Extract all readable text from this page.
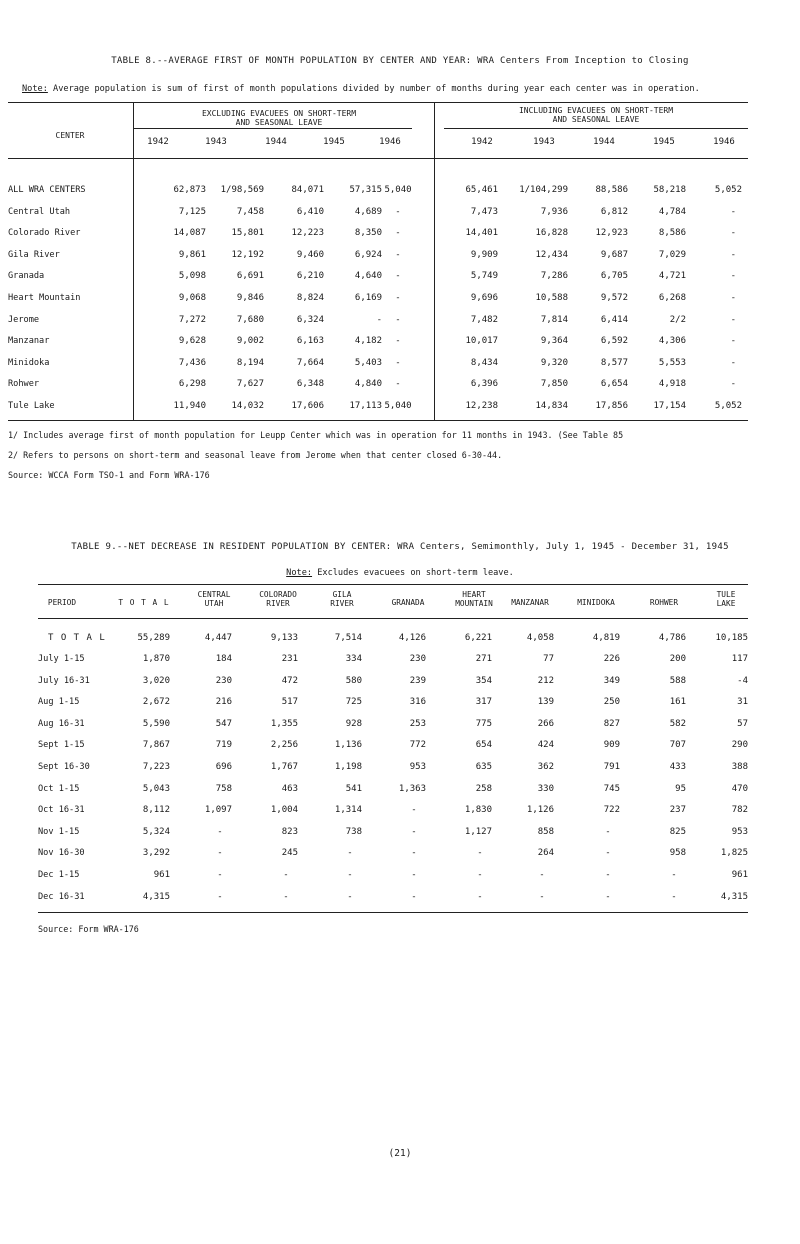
TABLE 8.--AVERAGE FIRST OF MONTH POPULATION BY CENTER AND YEAR: WRA Centers From Inception to Closing
Note: Average population is sum of first of month populations divided by number of months during year each center was in operation.
CENTER
EXCLUDING EVACUEES ON SHORT-TERM
AND SEASONAL LEAVE
INCLUDING EVACUEES ON SHORT-TERM
AND SEASONAL LEAVE
1942	1942
1943	1943
1944	1944
1945	1945
1946	1946
ALL WRA CENTERS	62,873	1/98,569	84,071	57,315 5,040	65,461	1/104,299	88,586	58,218	5,052
Central Utah	7,125	7,458	6,410	4,689	-	7,473	7,936	6,812	4,784	-
Colorado River	14,087	15,801	12,223	8,350	-	14,401	16,828	12,923	8,586	-
Gila River	9,861	12,192	9,460	6,924	-	9,909	12,434	9,687	7,029	-
Granada	5,098	6,691	6,210	4,640	-	5,749	7,286	6,705	4,721	-
Heart Mountain	9,068	9,846	8,824	6,169	-	9,696	10,588	9,572	6,268	-
Jerome	7,272	7,680	6,324	-	-	7,482	7,814	6,414	2/2	-
Manzanar	9,628	9,002	6,163	4,182	-	10,017	9,364	6,592	4,306	-
Minidoka	7,436	8,194	7,664	5,403	-	8,434	9,320	8,577	5,553	-
Rohwer	6,298	7,627	6,348	4,840	-	6,396	7,850	6,654	4,918	-
Tule Lake	11,940	14,032	17,606	17,113 5,040	12,238	14,834	17,856	17,154	5,052
1/ Includes average first of month population for Leupp Center which was in operation for 11 months in 1943. (See Table 85
2/ Refers to persons on short-term and seasonal leave from Jerome when that center closed 6-30-44.
Source: WCCA Form TSO-1 and Form WRA-176
TABLE 9.--NET DECREASE IN RESIDENT POPULATION BY CENTER: WRA Centers, Semimonthly, July 1, 1945 - December 31, 1945
Note: Excludes evacuees on short-term leave.
PERIOD	T O T A L
CENTRAL
UTAH
COLORADO
RIVER
GILA
RIVER	GRANADA
HEART
MOUNTAIN	MANZANAR	MINIDOKA	ROHWER
TULE
LAKE
T O T A L	55,289	4,447	9,133	7,514	4,126	6,221	4,058	4,819	4,786	10,185
July 1-15	1,870	184	231	334	230	271	77	226	200	117
July 16-31	3,020	230	472	580	239	354	212	349	588	-4
Aug 1-15	2,672	216	517	725	316	317	139	250	161	31
Aug 16-31	5,590	547	1,355	928	253	775	266	827	582	57
Sept 1-15	7,867	719	2,256	1,136	772	654	424	909	707	290
Sept 16-30	7,223	696	1,767	1,198	953	635	362	791	433	388
Oct 1-15	5,043	758	463	541	1,363	258	330	745	95	470
Oct 16-31	8,112	1,097	1,004	1,314	-	1,830	1,126	722	237	782
Nov 1-15	5,324	-	823	738	-	1,127	858	-	825	953
Nov 16-30	3,292	-	245	-	-	-	264	-	958	1,825
Dec 1-15	961	-	-	-	-	-	-	-	-	961
Dec 16-31	4,315	-	-	-	-	-	-	-	-	4,315
Source: Form WRA-176
(21)
